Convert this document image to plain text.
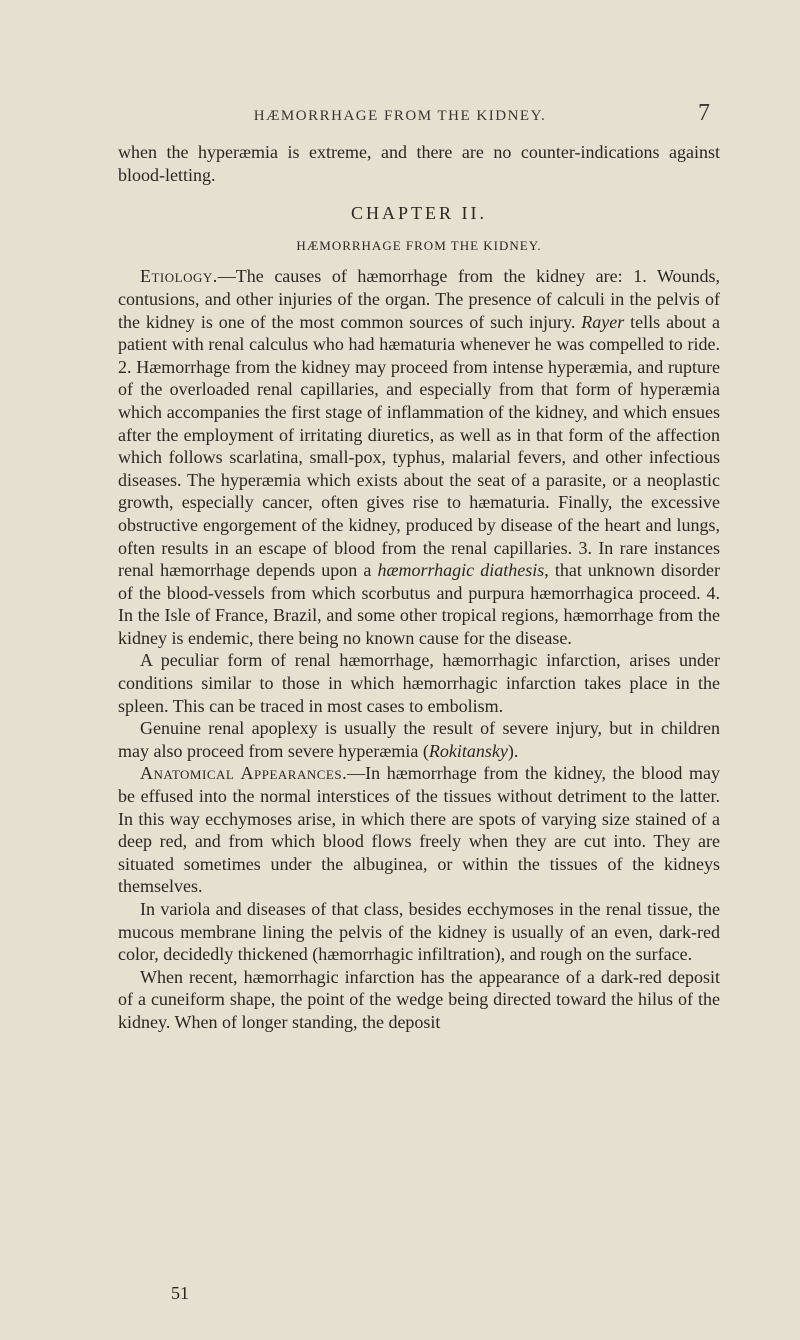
HÆMORRHAGE FROM THE KIDNEY.	7

when the hyperæmia is extreme, and there are no counter-indications against blood-letting.

CHAPTER II.
HÆMORRHAGE FROM THE KIDNEY.

Etiology.—The causes of hæmorrhage from the kidney are: 1. Wounds, contusions, and other injuries of the organ. The presence of calculi in the pelvis of the kidney is one of the most common sources of such injury. Rayer tells about a patient with renal calculus who had hæmaturia whenever he was compelled to ride. 2. Hæmorrhage from the kidney may proceed from intense hyperæmia, and rupture of the overloaded renal capillaries, and especially from that form of hyperæmia which accompanies the first stage of inflammation of the kidney, and which ensues after the employment of irritating diuretics, as well as in that form of the affection which follows scarlatina, small-pox, typhus, malarial fevers, and other infectious diseases. The hyperæmia which exists about the seat of a parasite, or a neoplastic growth, especially cancer, often gives rise to hæmaturia. Finally, the excessive obstructive engorgement of the kidney, produced by disease of the heart and lungs, often results in an escape of blood from the renal capillaries. 3. In rare instances renal hæmorrhage depends upon a hæmorrhagic diathesis, that unknown disorder of the blood-vessels from which scorbutus and purpura hæmorrhagica proceed. 4. In the Isle of France, Brazil, and some other tropical regions, hæmorrhage from the kidney is endemic, there being no known cause for the disease.

A peculiar form of renal hæmorrhage, hæmorrhagic infarction, arises under conditions similar to those in which hæmorrhagic infarction takes place in the spleen. This can be traced in most cases to embolism.

Genuine renal apoplexy is usually the result of severe injury, but in children may also proceed from severe hyperæmia (Rokitansky).

Anatomical Appearances.—In hæmorrhage from the kidney, the blood may be effused into the normal interstices of the tissues without detriment to the latter. In this way ecchymoses arise, in which there are spots of varying size stained of a deep red, and from which blood flows freely when they are cut into. They are situated sometimes under the albuginea, or within the tissues of the kidneys themselves.

In variola and diseases of that class, besides ecchymoses in the renal tissue, the mucous membrane lining the pelvis of the kidney is usually of an even, dark-red color, decidedly thickened (hæmorrhagic infiltration), and rough on the surface.

When recent, hæmorrhagic infarction has the appearance of a dark-red deposit of a cuneiform shape, the point of the wedge being directed toward the hilus of the kidney. When of longer standing, the deposit

51
